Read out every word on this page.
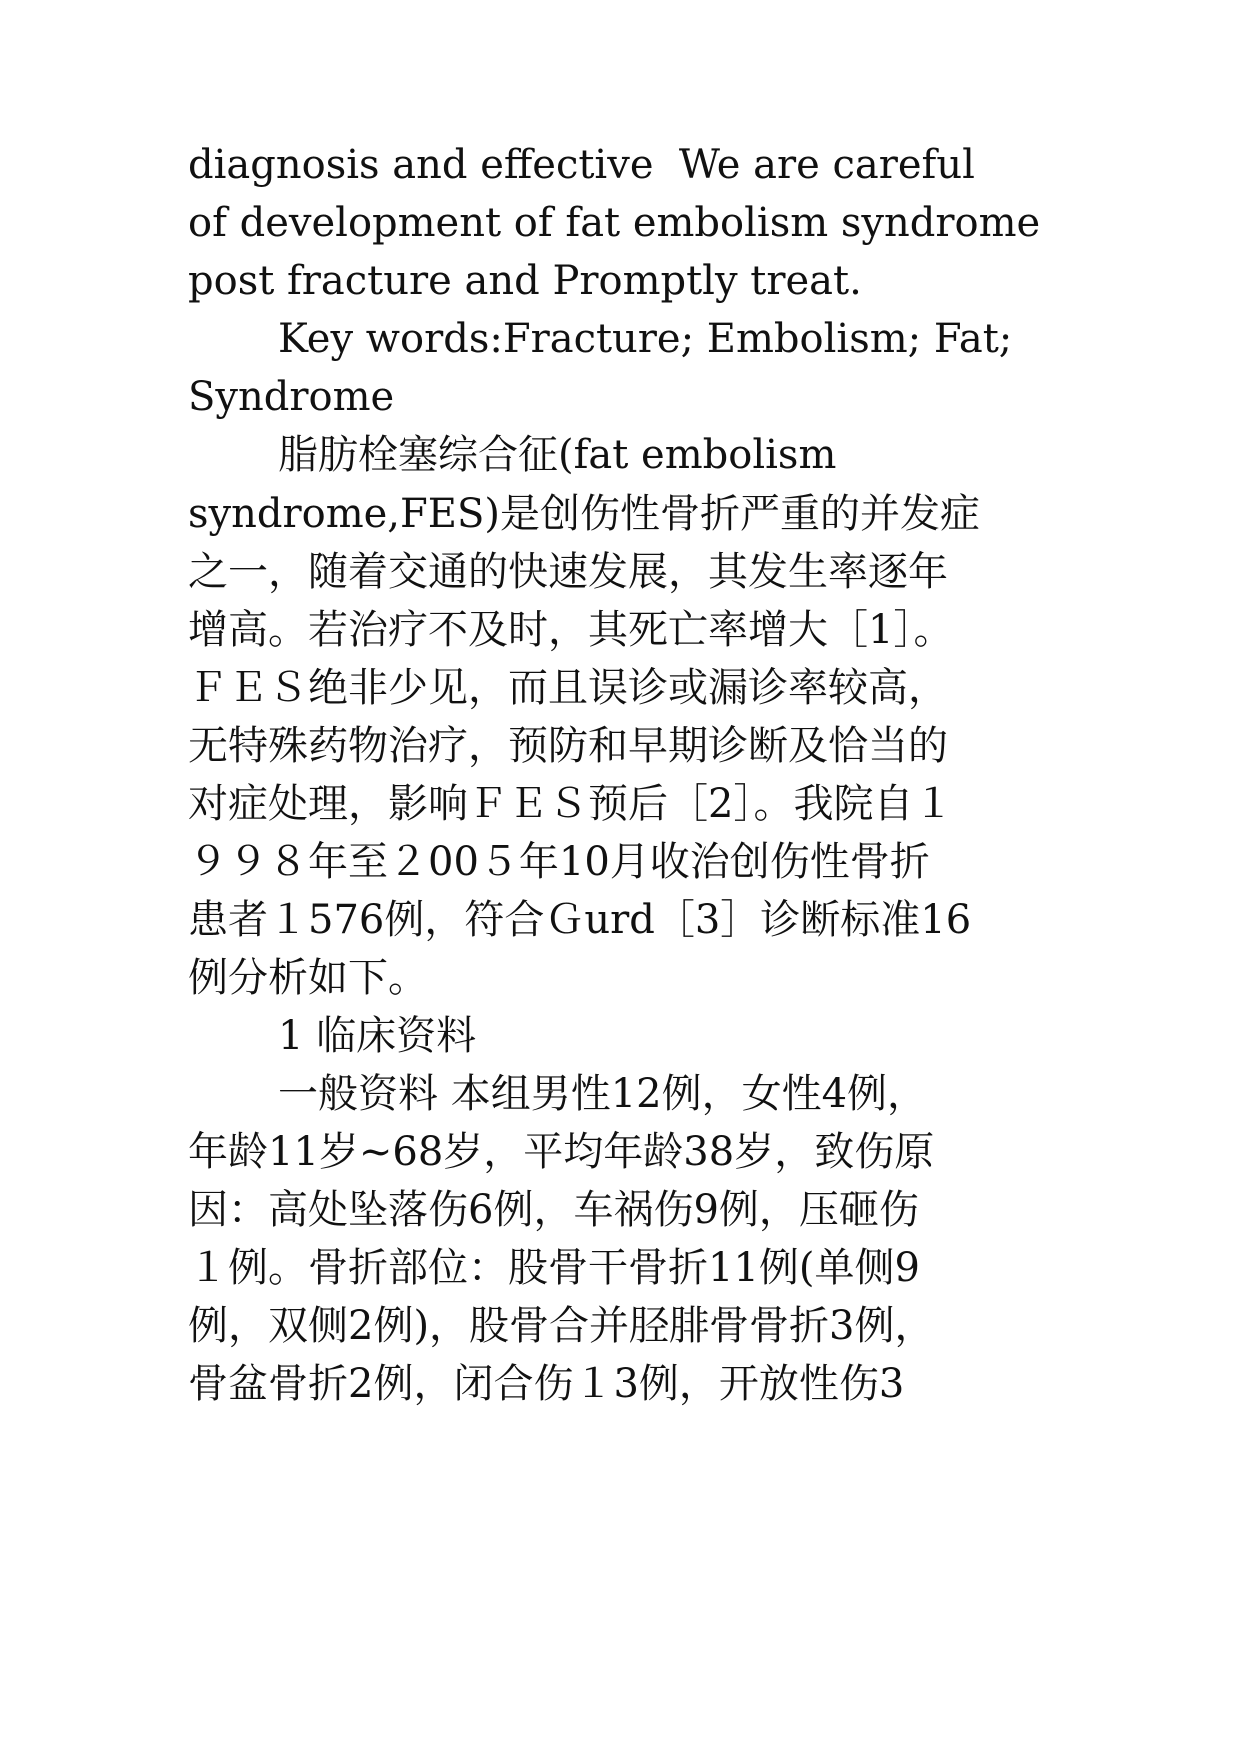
diagnosis and effective  We are careful

of development of fat embolism syndrome

post fracture and Promptly treat.

Key words:Fracture; Embolism; Fat;

Syndrome

脂肪栓塞综合征(fat embolism

syndrome,FES)是创伤性骨折严重的并发症

之一，随着交通的快速发展，其发生率逐年

增高。若治疗不及时，其死亡率增大［1］。

ＦＥＳ绝非少见，而且误诊或漏诊率较高，

无特殊药物治疗，预防和早期诊断及恰当的

对症处理，影响ＦＥＳ预后［2］。我院自１

９９８年至２00５年10月收治创伤性骨折

患者１576例，符合Ｇurd［3］诊断标准16

例分析如下。

1 临床资料

一般资料 本组男性12例，女性4例，

年龄11岁~68岁，平均年龄38岁，致伤原

因：高处坠落伤6例，车祸伤9例，压砸伤

１例。骨折部位：股骨干骨折11例(单侧9

例，双侧2例)，股骨合并胫腓骨骨折3例，

骨盆骨折2例，闭合伤１3例，开放性伤3
